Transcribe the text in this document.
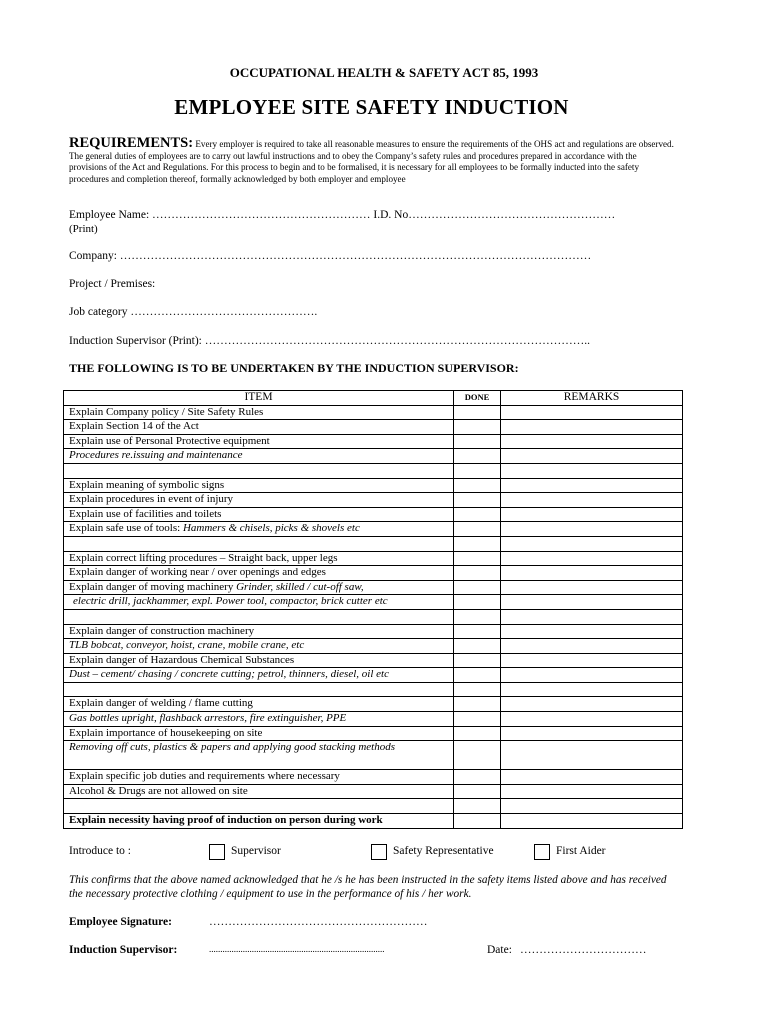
OCCUPATIONAL HEALTH & SAFETY ACT 85, 1993
EMPLOYEE SITE SAFETY INDUCTION
REQUIREMENTS: Every employer is required to take all reasonable measures to ensure the requirements of the OHS act and regulations are observed. The general duties of employees are to carry out lawful instructions and to obey the Company’s safety rules and procedures prepared in accordance with the provisions of the Act and Regulations. For this process to begin and to be formalised, it is necessary for all employees to be formally inducted into the safety procedures and completion thereof, formally acknowledged by both employer and employee
Employee Name: ………………………………………………… I.D. No………………………………………………
(Print)
Company: ……………………………………………………………………………………………………………
Project / Premises:
Job category ………………………………………….
Induction Supervisor (Print): ………………………………………………………………………………………..
THE FOLLOWING IS TO BE UNDERTAKEN BY THE INDUCTION SUPERVISOR:
ITEM	DONE	REMARKS
Explain Company policy / Site Safety Rules		
Explain Section 14 of the Act		
Explain use of Personal Protective equipment		
Procedures re.issuing and maintenance		

Explain meaning of symbolic signs		
Explain procedures in event of injury		
Explain use of facilities and toilets		
Explain safe use of tools: Hammers & chisels, picks & shovels etc		

Explain correct lifting procedures – Straight back, upper legs		
Explain danger of working near / over openings and edges		
Explain danger of moving machinery Grinder, skilled / cut-off saw,		
electric drill, jackhammer, expl. Power tool, compactor, brick cutter etc		

Explain danger of construction machinery		
TLB bobcat, conveyor, hoist, crane, mobile crane, etc		
Explain danger of Hazardous Chemical Substances		
Dust – cement/ chasing / concrete cutting; petrol, thinners, diesel, oil etc		

Explain danger of welding / flame cutting		
Gas bottles upright, flashback arrestors, fire extinguisher, PPE		
Explain importance of housekeeping on site		
Removing off cuts, plastics & papers and applying good stacking methods		
Explain specific job duties and requirements where necessary		
Alcohol & Drugs are not allowed on site		

Explain necessity having proof of induction on person during work		
Introduce to :	Supervisor	Safety Representative	First Aider
This confirms that the above named acknowledged that he /s he has been instructed in the safety items listed above and has received the necessary protective clothing / equipment to use in the performance of his / her work.
Employee Signature:	…………………………………………………
Induction Supervisor:	..............................................................................	Date: ……………………………
